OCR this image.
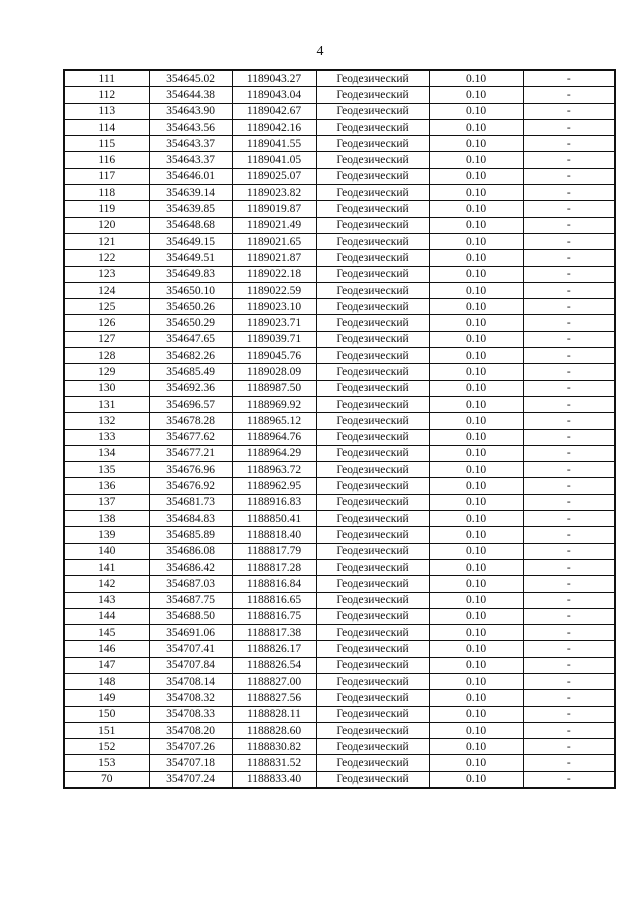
4
111	354645.02	1189043.27	Геодезический	0.10	-
112	354644.38	1189043.04	Геодезический	0.10	-
113	354643.90	1189042.67	Геодезический	0.10	-
114	354643.56	1189042.16	Геодезический	0.10	-
115	354643.37	1189041.55	Геодезический	0.10	-
116	354643.37	1189041.05	Геодезический	0.10	-
117	354646.01	1189025.07	Геодезический	0.10	-
118	354639.14	1189023.82	Геодезический	0.10	-
119	354639.85	1189019.87	Геодезический	0.10	-
120	354648.68	1189021.49	Геодезический	0.10	-
121	354649.15	1189021.65	Геодезический	0.10	-
122	354649.51	1189021.87	Геодезический	0.10	-
123	354649.83	1189022.18	Геодезический	0.10	-
124	354650.10	1189022.59	Геодезический	0.10	-
125	354650.26	1189023.10	Геодезический	0.10	-
126	354650.29	1189023.71	Геодезический	0.10	-
127	354647.65	1189039.71	Геодезический	0.10	-
128	354682.26	1189045.76	Геодезический	0.10	-
129	354685.49	1189028.09	Геодезический	0.10	-
130	354692.36	1188987.50	Геодезический	0.10	-
131	354696.57	1188969.92	Геодезический	0.10	-
132	354678.28	1188965.12	Геодезический	0.10	-
133	354677.62	1188964.76	Геодезический	0.10	-
134	354677.21	1188964.29	Геодезический	0.10	-
135	354676.96	1188963.72	Геодезический	0.10	-
136	354676.92	1188962.95	Геодезический	0.10	-
137	354681.73	1188916.83	Геодезический	0.10	-
138	354684.83	1188850.41	Геодезический	0.10	-
139	354685.89	1188818.40	Геодезический	0.10	-
140	354686.08	1188817.79	Геодезический	0.10	-
141	354686.42	1188817.28	Геодезический	0.10	-
142	354687.03	1188816.84	Геодезический	0.10	-
143	354687.75	1188816.65	Геодезический	0.10	-
144	354688.50	1188816.75	Геодезический	0.10	-
145	354691.06	1188817.38	Геодезический	0.10	-
146	354707.41	1188826.17	Геодезический	0.10	-
147	354707.84	1188826.54	Геодезический	0.10	-
148	354708.14	1188827.00	Геодезический	0.10	-
149	354708.32	1188827.56	Геодезический	0.10	-
150	354708.33	1188828.11	Геодезический	0.10	-
151	354708.20	1188828.60	Геодезический	0.10	-
152	354707.26	1188830.82	Геодезический	0.10	-
153	354707.18	1188831.52	Геодезический	0.10	-
70	354707.24	1188833.40	Геодезический	0.10	-
